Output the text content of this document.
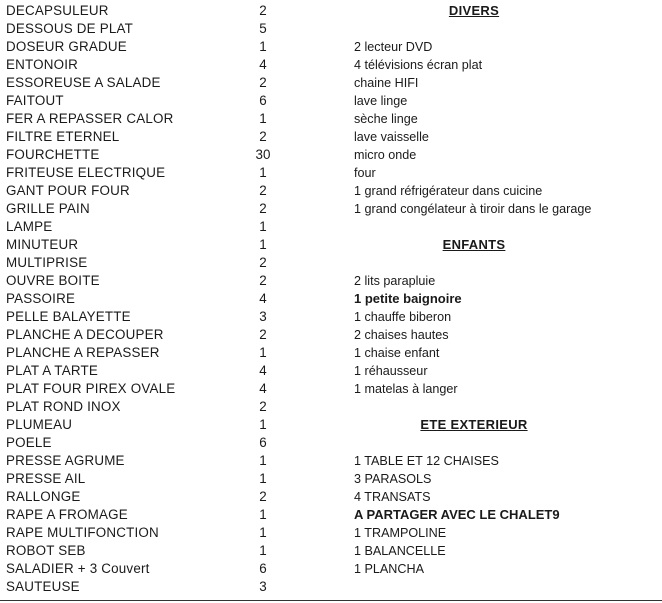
DECAPSULEUR	2
DESSOUS DE PLAT	5
DOSEUR GRADUE	1
ENTONOIR	4
ESSOREUSE A SALADE	2
FAITOUT	6
FER A REPASSER CALOR	1
FILTRE ETERNEL	2
FOURCHETTE	30
FRITEUSE ELECTRIQUE	1
GANT POUR FOUR	2
GRILLE PAIN	2
LAMPE	1
MINUTEUR	1
MULTIPRISE	2
OUVRE BOITE	2
PASSOIRE	4
PELLE BALAYETTE	3
PLANCHE A DECOUPER	2
PLANCHE A REPASSER	1
PLAT A TARTE	4
PLAT FOUR PIREX OVALE	4
PLAT ROND INOX	2
PLUMEAU	1
POELE	6
PRESSE AGRUME	1
PRESSE AIL	1
RALLONGE	2
RAPE A FROMAGE	1
RAPE MULTIFONCTION	1
ROBOT SEB	1
SALADIER + 3 Couvert	6
SAUTEUSE	3
DIVERS
2 lecteur DVD
4 télévisions écran plat
chaine HIFI
lave linge
sèche linge
lave vaisselle
micro onde
four
1 grand réfrigérateur dans cuicine
1 grand congélateur à tiroir dans le garage
ENFANTS
2 lits parapluie
1 petite baignoire
1 chauffe biberon
2 chaises hautes
1 chaise enfant
1 réhausseur
1 matelas à langer
ETE EXTERIEUR
1 TABLE ET 12 CHAISES
3 PARASOLS
4 TRANSATS
A PARTAGER AVEC LE CHALET9
1 TRAMPOLINE
1 BALANCELLE
1 PLANCHA
